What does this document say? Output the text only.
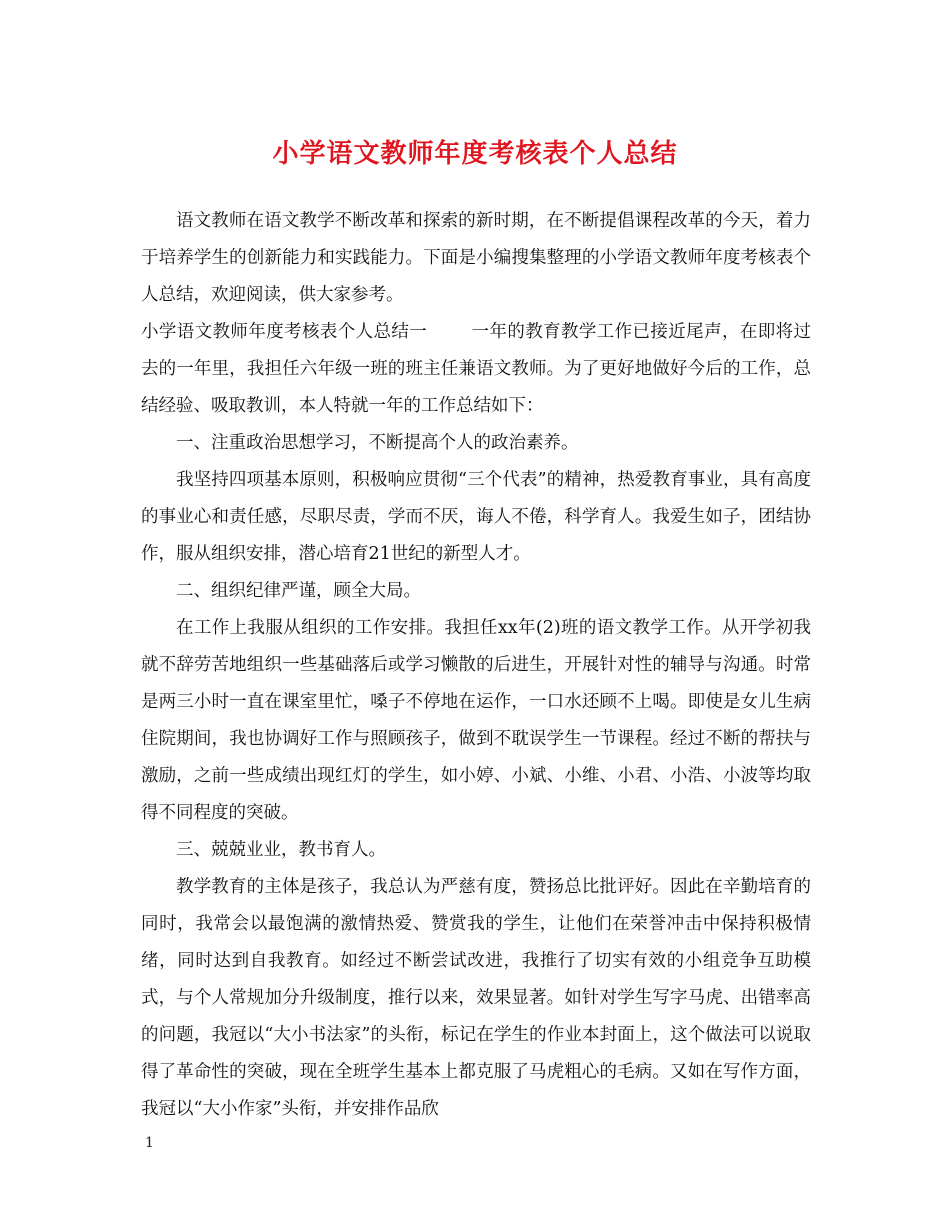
小学语文教师年度考核表个人总结

语文教师在语文教学不断改革和探索的新时期，在不断提倡课程改革的今天，着力于培养学生的创新能力和实践能力。下面是小编搜集整理的小学语文教师年度考核表个人总结，欢迎阅读，供大家参考。

小学语文教师年度考核表个人总结一	一年的教育教学工作已接近尾声，在即将过去的一年里，我担任六年级一班的班主任兼语文教师。为了更好地做好今后的工作，总结经验、吸取教训，本人特就一年的工作总结如下：

一、注重政治思想学习，不断提高个人的政治素养。

我坚持四项基本原则，积极响应贯彻“三个代表”的精神，热爱教育事业，具有高度的事业心和责任感，尽职尽责，学而不厌，诲人不倦，科学育人。我爱生如子，团结协作，服从组织安排，潜心培育21世纪的新型人才。

二、组织纪律严谨，顾全大局。

在工作上我服从组织的工作安排。我担任xx年(2)班的语文教学工作。从开学初我就不辞劳苦地组织一些基础落后或学习懒散的后进生，开展针对性的辅导与沟通。时常是两三小时一直在课室里忙，嗓子不停地在运作，一口水还顾不上喝。即使是女儿生病住院期间，我也协调好工作与照顾孩子，做到不耽误学生一节课程。经过不断的帮扶与激励，之前一些成绩出现红灯的学生，如小婷、小斌、小维、小君、小浩、小波等均取得不同程度的突破。

三、兢兢业业，教书育人。

教学教育的主体是孩子，我总认为严慈有度，赞扬总比批评好。因此在辛勤培育的同时，我常会以最饱满的激情热爱、赞赏我的学生，让他们在荣誉冲击中保持积极情绪，同时达到自我教育。如经过不断尝试改进，我推行了切实有效的小组竞争互助模式，与个人常规加分升级制度，推行以来，效果显著。如针对学生写字马虎、出错率高的问题，我冠以“大小书法家”的头衔，标记在学生的作业本封面上，这个做法可以说取得了革命性的突破，现在全班学生基本上都克服了马虎粗心的毛病。又如在写作方面，我冠以“大小作家”头衔，并安排作品欣

1
